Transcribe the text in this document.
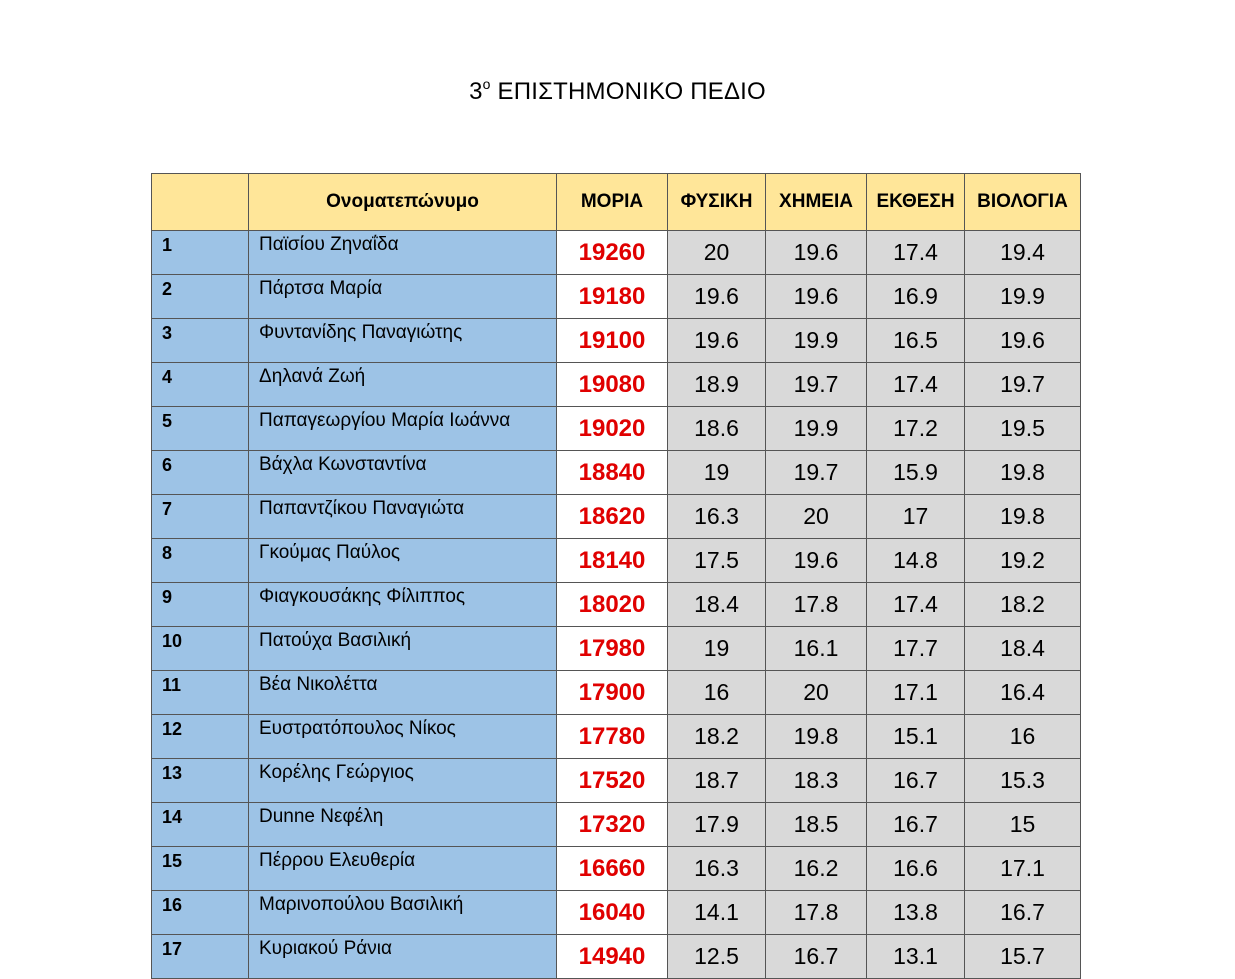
$3^o$ ΕΠΙΣΤΗΜΟΝΙΚΟ ΠΕΔΙΟ
	Ονοματεπώνυμο	ΜΟΡΙΑ	ΦΥΣΙΚΗ	ΧΗΜΕΙΑ	ΕΚΘΕΣΗ	ΒΙΟΛΟΓΙΑ
1	Παϊσίου Ζηναΐδα	19260	20	19.6	17.4	19.4
2	Πάρτσα Μαρία	19180	19.6	19.6	16.9	19.9
3	Φυντανίδης Παναγιώτης	19100	19.6	19.9	16.5	19.6
4	Δηλανά Ζωή	19080	18.9	19.7	17.4	19.7
5	Παπαγεωργίου Μαρία Ιωάννα	19020	18.6	19.9	17.2	19.5
6	Βάχλα Κωνσταντίνα	18840	19	19.7	15.9	19.8
7	Παπαντζίκου Παναγιώτα	18620	16.3	20	17	19.8
8	Γκούμας Παύλος	18140	17.5	19.6	14.8	19.2
9	Φιαγκουσάκης Φίλιππος	18020	18.4	17.8	17.4	18.2
10	Πατούχα Βασιλική	17980	19	16.1	17.7	18.4
11	Βέα Νικολέττα	17900	16	20	17.1	16.4
12	Ευστρατόπουλος Νίκος	17780	18.2	19.8	15.1	16
13	Κορέλης Γεώργιος	17520	18.7	18.3	16.7	15.3
14	Dunne Νεφέλη	17320	17.9	18.5	16.7	15
15	Πέρρου Ελευθερία	16660	16.3	16.2	16.6	17.1
16	Μαρινοπούλου Βασιλική	16040	14.1	17.8	13.8	16.7
17	Κυριακού Ράνια	14940	12.5	16.7	13.1	15.7
